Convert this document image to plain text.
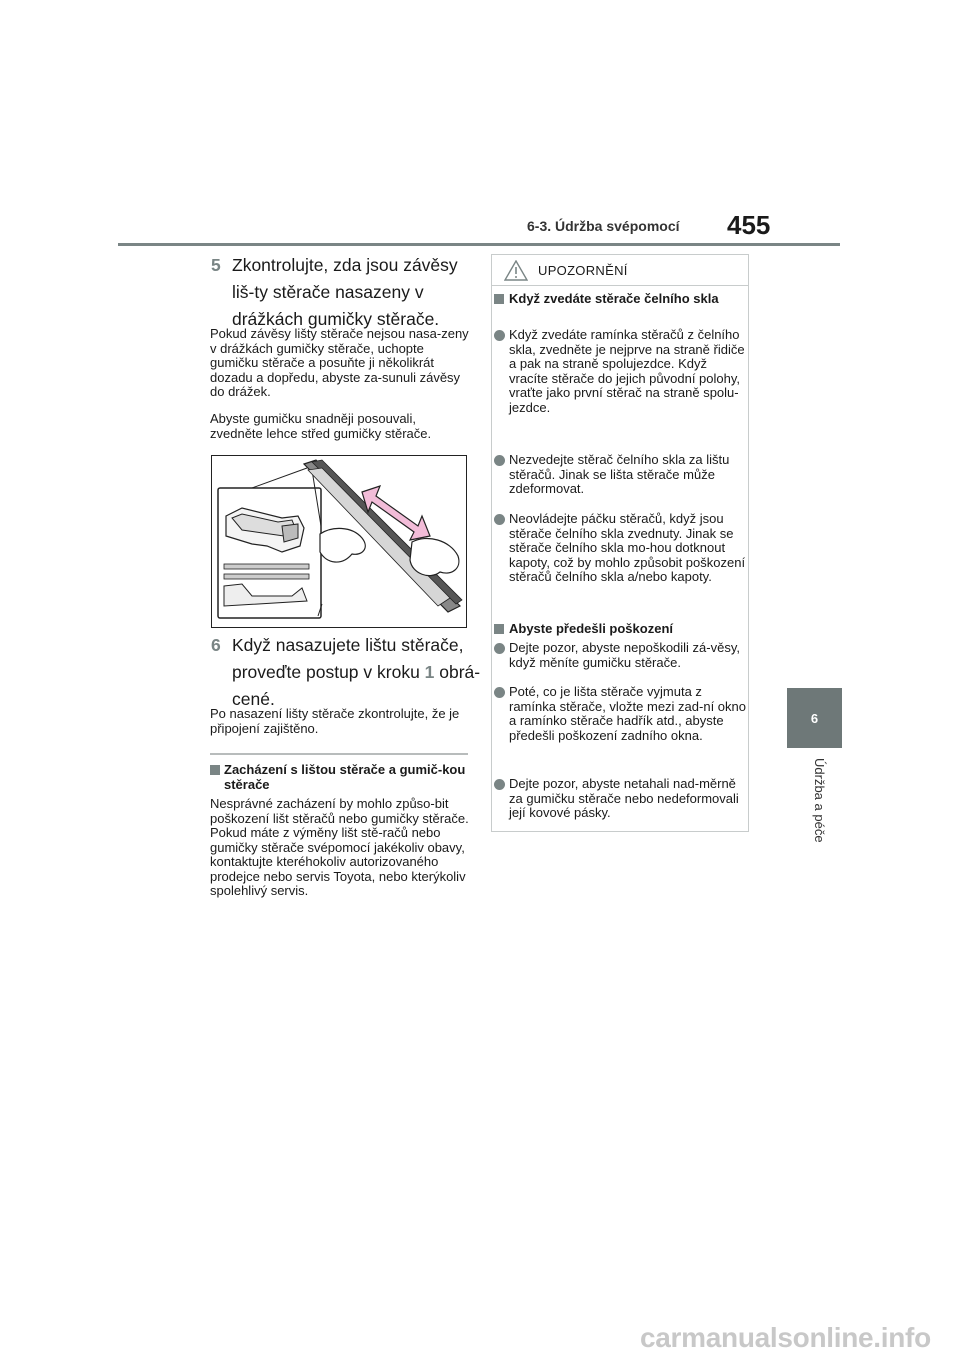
6-3. Údržba svépomocí 455
6
Údržba a péče
5 Zkontrolujte, zda jsou závěsy liš-ty stěrače nasazeny v drážkách gumičky stěrače.
Pokud závěsy lišty stěrače nejsou nasa-zeny v drážkách gumičky stěrače, uchopte gumičku stěrače a posuňte ji několikrát dozadu a dopředu, abyste za-sunuli závěsy do drážek.
Abyste gumičku snadněji posouvali, zvedněte lehce střed gumičky stěrače.
6 Když nasazujete lištu stěrače, proveďte postup v kroku 1 obrá-cené.
Po nasazení lišty stěrače zkontrolujte, že je připojení zajištěno.
Zacházení s lištou stěrače a gumič-kou stěrače
Nesprávné zacházení by mohlo způso-bit poškození lišt stěračů nebo gumičky stěrače. Pokud máte z výměny lišt stě-račů nebo gumičky stěrače svépomocí jakékoliv obavy, kontaktujte kteréhokoliv autorizovaného prodejce nebo servis Toyota, nebo kterýkoliv spolehlivý servis.
UPOZORNĚNÍ
Když zvedáte stěrače čelního skla
Když zvedáte ramínka stěračů z čelního skla, zvedněte je nejprve na straně řidiče a pak na straně spolujezdce. Když vracíte stěrače do jejich původní polohy, vraťte jako první stěrač na straně spolu-jezdce.
Nezvedejte stěrač čelního skla za lištu stěračů. Jinak se lišta stěrače může zdeformovat.
Neovládejte páčku stěračů, když jsou stěrače čelního skla zvednuty. Jinak se stěrače čelního skla mo-hou dotknout kapoty, což by mohlo způsobit poškození stěračů čelního skla a/nebo kapoty.
Abyste předešli poškození
Dejte pozor, abyste nepoškodili zá-věsy, když měníte gumičku stěrače.
Poté, co je lišta stěrače vyjmuta z ramínka stěrače, vložte mezi zad-ní okno a ramínko stěrače hadřík atd., abyste předešli poškození zadního okna.
Dejte pozor, abyste netahali nad-měrně za gumičku stěrače nebo nedeformovali její kovové pásky.
carmanualsonline.info
